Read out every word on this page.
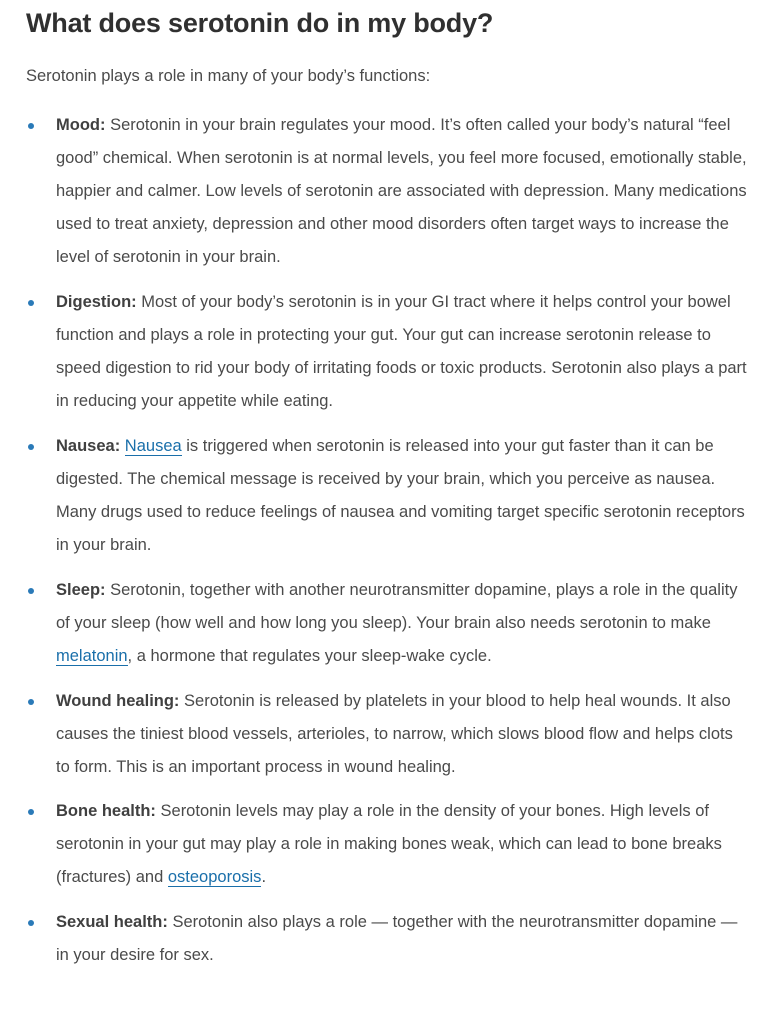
What does serotonin do in my body?

Serotonin plays a role in many of your body’s functions:

Mood: Serotonin in your brain regulates your mood. It’s often called your body’s natural “feel good” chemical. When serotonin is at normal levels, you feel more focused, emotionally stable, happier and calmer. Low levels of serotonin are associated with depression. Many medications used to treat anxiety, depression and other mood disorders often target ways to increase the level of serotonin in your brain.
Digestion: Most of your body’s serotonin is in your GI tract where it helps control your bowel function and plays a role in protecting your gut. Your gut can increase serotonin release to speed digestion to rid your body of irritating foods or toxic products. Serotonin also plays a part in reducing your appetite while eating.
Nausea: Nausea is triggered when serotonin is released into your gut faster than it can be digested. The chemical message is received by your brain, which you perceive as nausea. Many drugs used to reduce feelings of nausea and vomiting target specific serotonin receptors in your brain.
Sleep: Serotonin, together with another neurotransmitter dopamine, plays a role in the quality of your sleep (how well and how long you sleep). Your brain also needs serotonin to make melatonin, a hormone that regulates your sleep-wake cycle.
Wound healing: Serotonin is released by platelets in your blood to help heal wounds. It also causes the tiniest blood vessels, arterioles, to narrow, which slows blood flow and helps clots to form. This is an important process in wound healing.
Bone health: Serotonin levels may play a role in the density of your bones. High levels of serotonin in your gut may play a role in making bones weak, which can lead to bone breaks (fractures) and osteoporosis.
Sexual health: Serotonin also plays a role — together with the neurotransmitter dopamine — in your desire for sex.
